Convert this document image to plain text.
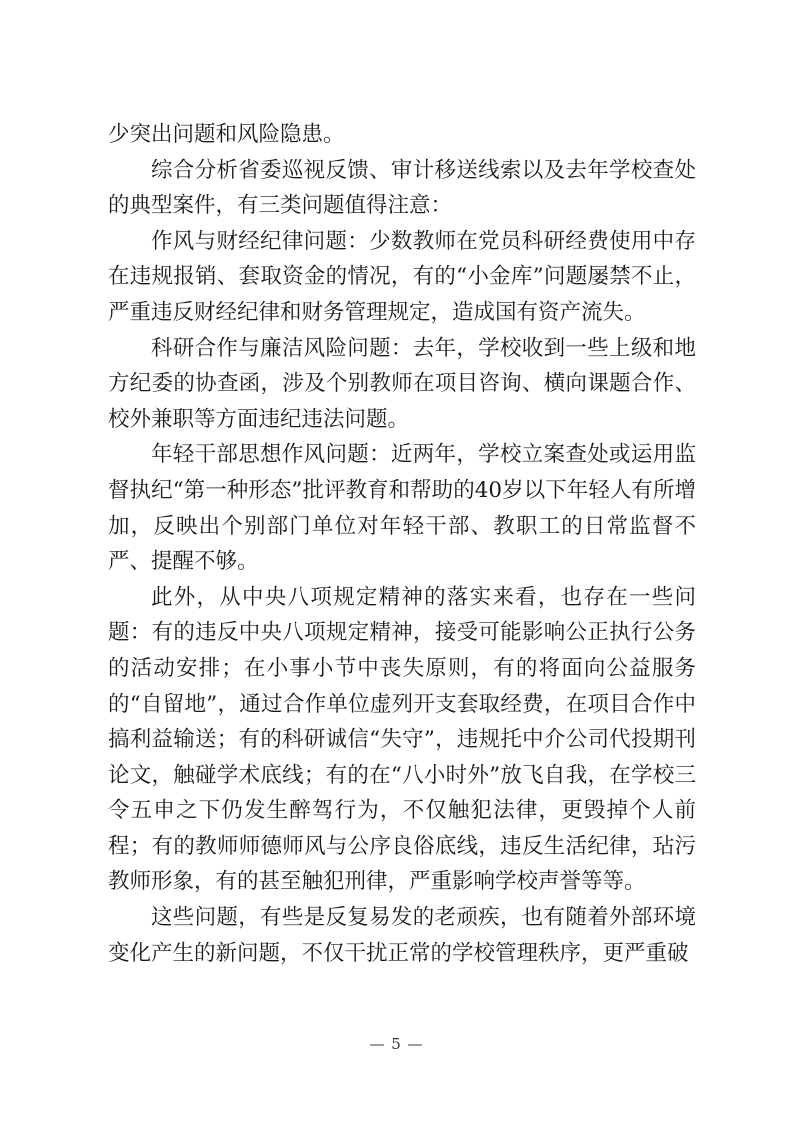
少突出问题和风险隐患。

综合分析省委巡视反馈、审计移送线索以及去年学校查处的典型案件，有三类问题值得注意：

作风与财经纪律问题：少数教师在党员科研经费使用中存在违规报销、套取资金的情况，有的“小金库”问题屡禁不止，严重违反财经纪律和财务管理规定，造成国有资产流失。

科研合作与廉洁风险问题：去年，学校收到一些上级和地方纪委的协查函，涉及个别教师在项目咨询、横向课题合作、校外兼职等方面违纪违法问题。

年轻干部思想作风问题：近两年，学校立案查处或运用监督执纪“第一种形态”批评教育和帮助的40岁以下年轻人有所增加，反映出个别部门单位对年轻干部、教职工的日常监督不严、提醒不够。

此外，从中央八项规定精神的落实来看，也存在一些问题：有的违反中央八项规定精神，接受可能影响公正执行公务的活动安排；在小事小节中丧失原则，有的将面向公益服务的“自留地”，通过合作单位虚列开支套取经费，在项目合作中搞利益输送；有的科研诚信“失守”，违规托中介公司代投期刊论文，触碰学术底线；有的在“八小时外”放飞自我，在学校三令五申之下仍发生醉驾行为，不仅触犯法律，更毁掉个人前程；有的教师师德师风与公序良俗底线，违反生活纪律，玷污教师形象，有的甚至触犯刑律，严重影响学校声誉等等。

这些问题，有些是反复易发的老顽疾，也有随着外部环境变化产生的新问题，不仅干扰正常的学校管理秩序，更严重破

— 5 —
